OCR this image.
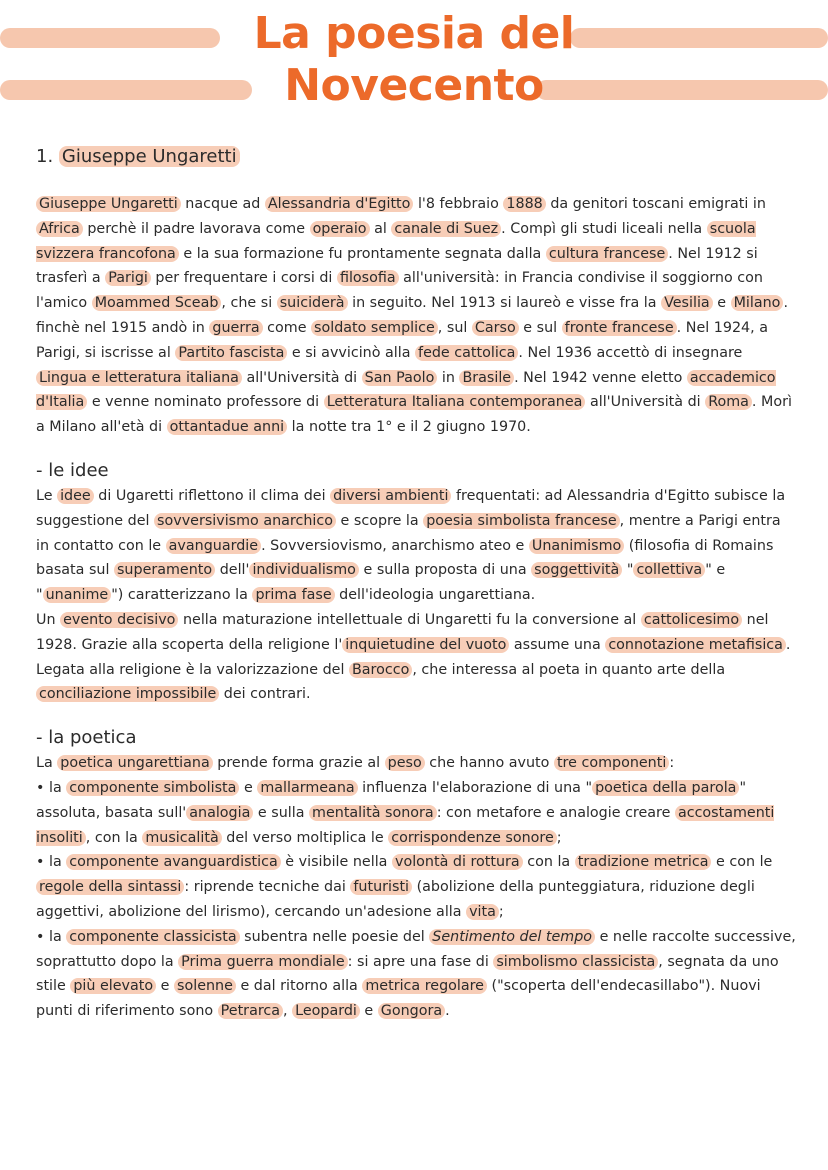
La poesia del
Novecento
1. Giuseppe Ungaretti

Giuseppe Ungaretti nacque ad Alessandria d'Egitto l'8 febbraio 1888 da genitori toscani emigrati in Africa perchè il padre lavorava come operaio al canale di Suez . Compì gli studi liceali nella scuola svizzera francofona e la sua formazione fu prontamente segnata dalla cultura francese . Nel 1912 si trasferì a Parigi per frequentare i corsi di filosofia all'università: in Francia condivise il soggiorno con l'amico Moammed Sceab , che si suiciderà in seguito. Nel 1913 si laureò e visse fra la Vesilia e Milano . finchè nel 1915 andò in guerra come soldato semplice , sul Carso e sul fronte francese . Nel 1924, a Parigi, si iscrisse al Partito fascista e si avvicinò alla fede cattolica . Nel 1936 accettò di insegnare Lingua e letteratura italiana all'Università di San Paolo in Brasile . Nel 1942 venne eletto accademico d'Italia e venne nominato professore di Letteratura Italiana contemporanea all'Università di Roma . Morì a Milano all'età di ottantadue anni la notte tra 1° e il 2 giugno 1970.

- le idee

Le idee di Ugaretti riflettono il clima dei diversi ambienti frequentati: ad Alessandria d'Egitto subisce la suggestione del sovversivismo anarchico e scopre la poesia simbolista francese , mentre a Parigi entra in contatto con le avanguardie . Sovversiovismo, anarchismo ateo e Unanimismo (filosofia di Romains basata sul superamento dell' individualismo e sulla proposta di una soggettività " collettiva " e " unanime ") caratterizzano la prima fase dell'ideologia ungarettiana.

Un evento decisivo nella maturazione intellettuale di Ungaretti fu la conversione al cattolicesimo nel 1928. Grazie alla scoperta della religione l' inquietudine del vuoto assume una connotazione metafisica . Legata alla religione è la valorizzazione del Barocco , che interessa al poeta in quanto arte della conciliazione impossibile dei contrari.

- la poetica

La poetica ungarettiana prende forma grazie al peso che hanno avuto tre componenti :

• la componente simbolista e mallarmeana influenza l'elaborazione di una " poetica della parola " assoluta, basata sull' analogia e sulla mentalità sonora : con metafore e analogie creare accostamenti insoliti , con la musicalità del verso moltiplica le corrispondenze sonore ;

• la componente avanguardistica è visibile nella volontà di rottura con la tradizione metrica e con le regole della sintassi : riprende tecniche dai futuristi (abolizione della punteggiatura, riduzione degli aggettivi, abolizione del lirismo), cercando un'adesione alla vita ;

• la componente classicista subentra nelle poesie del Sentimento del tempo e nelle raccolte successive, soprattutto dopo la Prima guerra mondiale : si apre una fase di simbolismo classicista , segnata da uno stile più elevato e solenne e dal ritorno alla metrica regolare ("scoperta dell'endecasillabo"). Nuovi punti di riferimento sono Petrarca , Leopardi e Gongora .
